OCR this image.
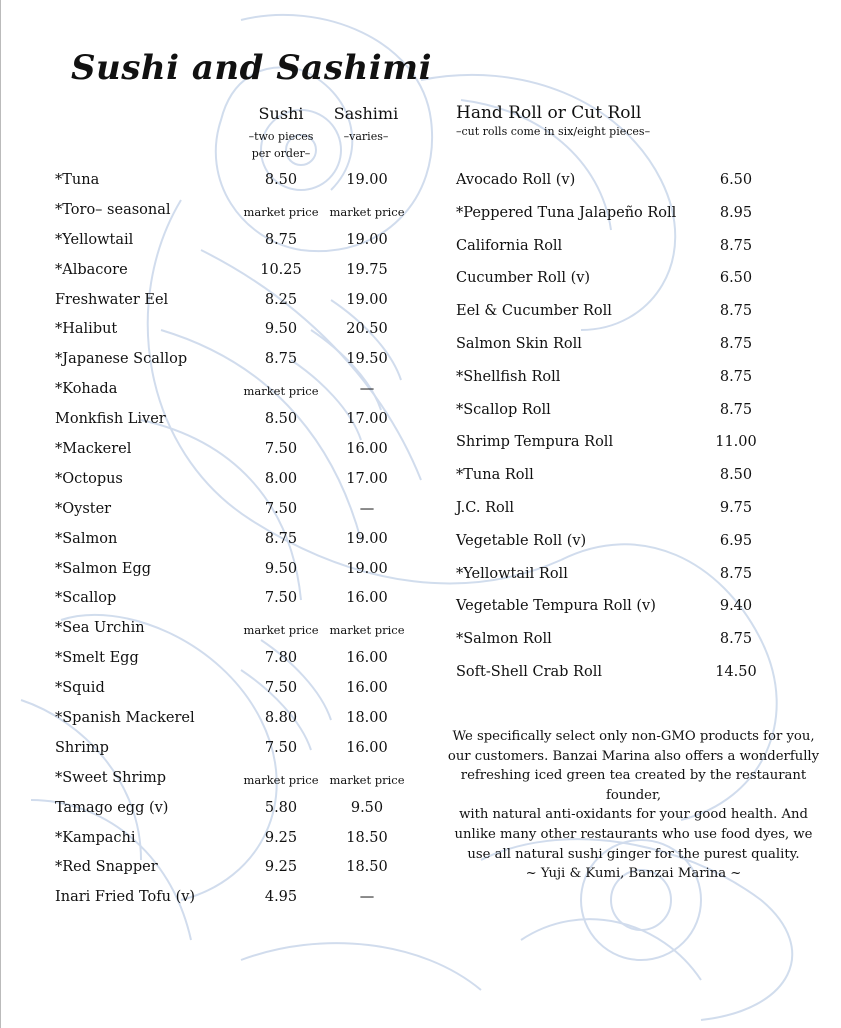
Sushi and Sashimi
Sushi
–two pieces
per order–
Sashimi
–varies–
*Tuna	8.50	19.00
*Toro– seasonal	market price market price
*Yellowtail	8.75	19.00
*Albacore	10.25	19.75
Freshwater Eel	8.25	19.00
*Halibut	9.50	20.50
*Japanese Scallop	8.75	19.50
*Kohada	market price	—
Monkfish Liver	8.50	17.00
*Mackerel	7.50	16.00
*Octopus	8.00	17.00
*Oyster	7.50	—
*Salmon	8.75	19.00
*Salmon Egg	9.50	19.00
*Scallop	7.50	16.00
*Sea Urchin	market price market price
*Smelt Egg	7.80	16.00
*Squid	7.50	16.00
*Spanish Mackerel	8.80	18.00
Shrimp	7.50	16.00
*Sweet Shrimp	market price market price
Tamago egg (v)	5.80	9.50
*Kampachi	9.25	18.50
*Red Snapper	9.25	18.50
Inari Fried Tofu (v)	4.95	—
Hand Roll or Cut Roll
–cut rolls come in six/eight pieces–
Avocado Roll (v)	6.50
*Peppered Tuna Jalapeño Roll	8.95
California Roll	8.75
Cucumber Roll (v)	6.50
Eel & Cucumber Roll	8.75
Salmon Skin Roll	8.75
*Shellfish Roll	8.75
*Scallop Roll	8.75
Shrimp Tempura Roll	11.00
*Tuna Roll	8.50
J.C. Roll	9.75
Vegetable Roll (v)	6.95
*Yellowtail Roll	8.75
Vegetable Tempura Roll (v)	9.40
*Salmon Roll	8.75
Soft-Shell Crab Roll	14.50
We specifically select only non-GMO products for you,
our customers. Banzai Marina also offers a wonderfully
refreshing iced green tea created by the restaurant founder,
with natural anti-oxidants for your good health. And
unlike many other restaurants who use food dyes, we
use all natural sushi ginger for the purest quality.
~ Yuji & Kumi, Banzai Marina ~
